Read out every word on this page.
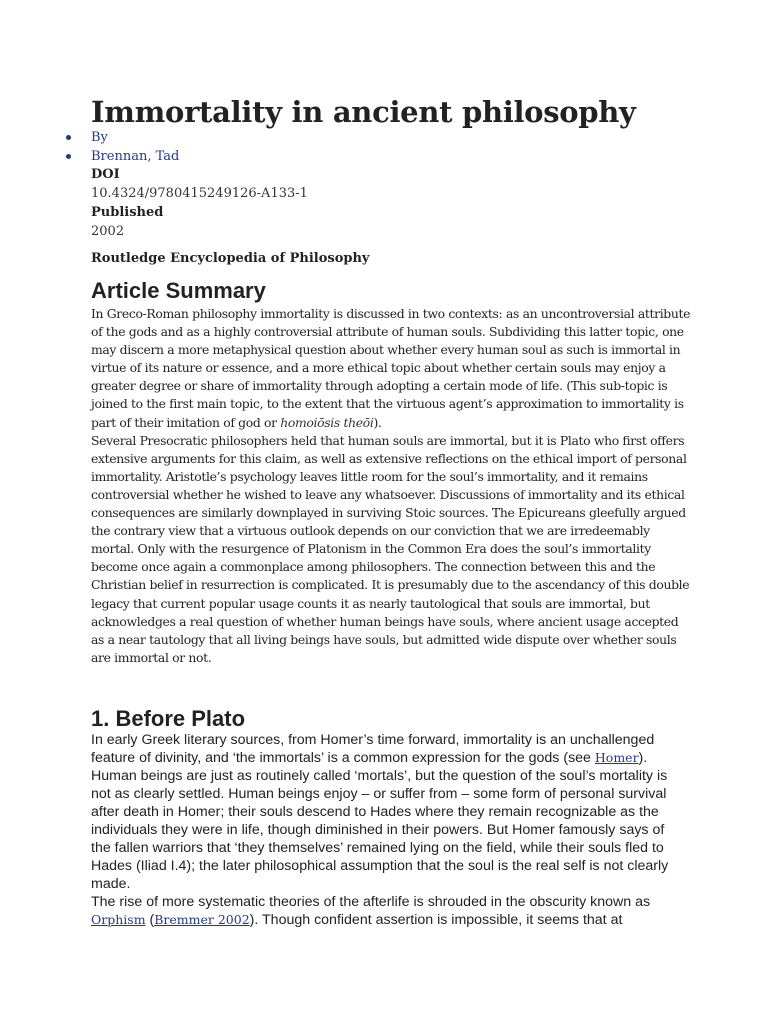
Immortality in ancient philosophy
By
Brennan, Tad
DOI
10.4324/9780415249126-A133-1
Published
2002
Routledge Encyclopedia of Philosophy
Article Summary

In Greco-Roman philosophy immortality is discussed in two contexts: as an uncontroversial attribute of the gods and as a highly controversial attribute of human souls. Subdividing this latter topic, one may discern a more metaphysical question about whether every human soul as such is immortal in virtue of its nature or essence, and a more ethical topic about whether certain souls may enjoy a greater degree or share of immortality through adopting a certain mode of life. (This sub-topic is joined to the first main topic, to the extent that the virtuous agent’s approximation to immortality is part of their imitation of god or homoiōsis theōi).

Several Presocratic philosophers held that human souls are immortal, but it is Plato who first offers extensive arguments for this claim, as well as extensive reflections on the ethical import of personal immortality. Aristotle’s psychology leaves little room for the soul’s immortality, and it remains controversial whether he wished to leave any whatsoever. Discussions of immortality and its ethical consequences are similarly downplayed in surviving Stoic sources. The Epicureans gleefully argued the contrary view that a virtuous outlook depends on our conviction that we are irredeemably mortal. Only with the resurgence of Platonism in the Common Era does the soul’s immortality become once again a commonplace among philosophers. The connection between this and the Christian belief in resurrection is complicated. It is presumably due to the ascendancy of this double legacy that current popular usage counts it as nearly tautological that souls are immortal, but acknowledges a real question of whether human beings have souls, where ancient usage accepted as a near tautology that all living beings have souls, but admitted wide dispute over whether souls are immortal or not.

1. Before Plato

In early Greek literary sources, from Homer’s time forward, immortality is an unchallenged feature of divinity, and ‘the immortals’ is a common expression for the gods (see Homer). Human beings are just as routinely called ‘mortals’, but the question of the soul’s mortality is not as clearly settled. Human beings enjoy – or suffer from – some form of personal survival after death in Homer; their souls descend to Hades where they remain recognizable as the individuals they were in life, though diminished in their powers. But Homer famously says of the fallen warriors that ‘they themselves’ remained lying on the field, while their souls fled to Hades (Iliad I.4); the later philosophical assumption that the soul is the real self is not clearly made.

The rise of more systematic theories of the afterlife is shrouded in the obscurity known as Orphism (Bremmer 2002). Though confident assertion is impossible, it seems that at
